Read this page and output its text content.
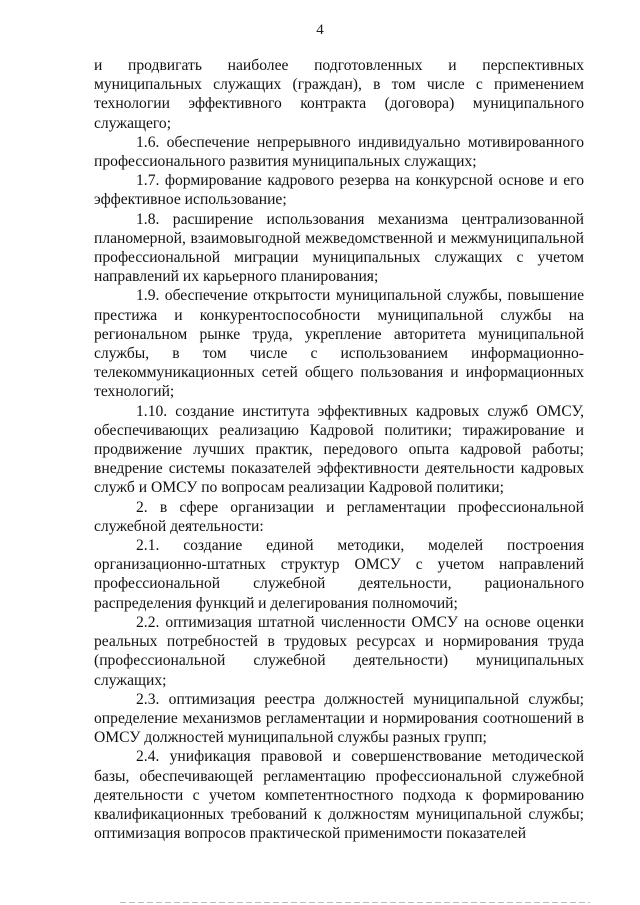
4

и продвигать наиболее подготовленных и перспективных муниципальных служащих (граждан), в том числе с применением технологии эффективного контракта (договора) муниципального служащего;

1.6. обеспечение непрерывного индивидуально мотивированного профессионального развития муниципальных служащих;

1.7. формирование кадрового резерва на конкурсной основе и его эффективное использование;

1.8. расширение использования механизма централизованной планомерной, взаимовыгодной межведомственной и межмуниципальной профессиональной миграции муниципальных служащих с учетом направлений их карьерного планирования;

1.9. обеспечение открытости муниципальной службы, повышение престижа и конкурентоспособности муниципальной службы на региональном рынке труда, укрепление авторитета муниципальной службы, в том числе с использованием информационно-телекоммуникационных сетей общего пользования и информационных технологий;

1.10. создание института эффективных кадровых служб ОМСУ, обеспечивающих реализацию Кадровой политики; тиражирование и продвижение лучших практик, передового опыта кадровой работы; внедрение системы показателей эффективности деятельности кадровых служб и ОМСУ по вопросам реализации Кадровой политики;

2. в сфере организации и регламентации профессиональной служебной деятельности:

2.1. создание единой методики, моделей построения организационно-штатных структур ОМСУ с учетом направлений профессиональной служебной деятельности, рационального распределения функций и делегирования полномочий;

2.2. оптимизация штатной численности ОМСУ на основе оценки реальных потребностей в трудовых ресурсах и нормирования труда (профессиональной служебной деятельности) муниципальных служащих;

2.3. оптимизация реестра должностей муниципальной службы; определение механизмов регламентации и нормирования соотношений в ОМСУ должностей муниципальной службы разных групп;

2.4. унификация правовой и совершенствование методической базы, обеспечивающей регламентацию профессиональной служебной деятельности с учетом компетентностного подхода к формированию квалификационных требований к должностям муниципальной службы; оптимизация вопросов практической применимости показателей
